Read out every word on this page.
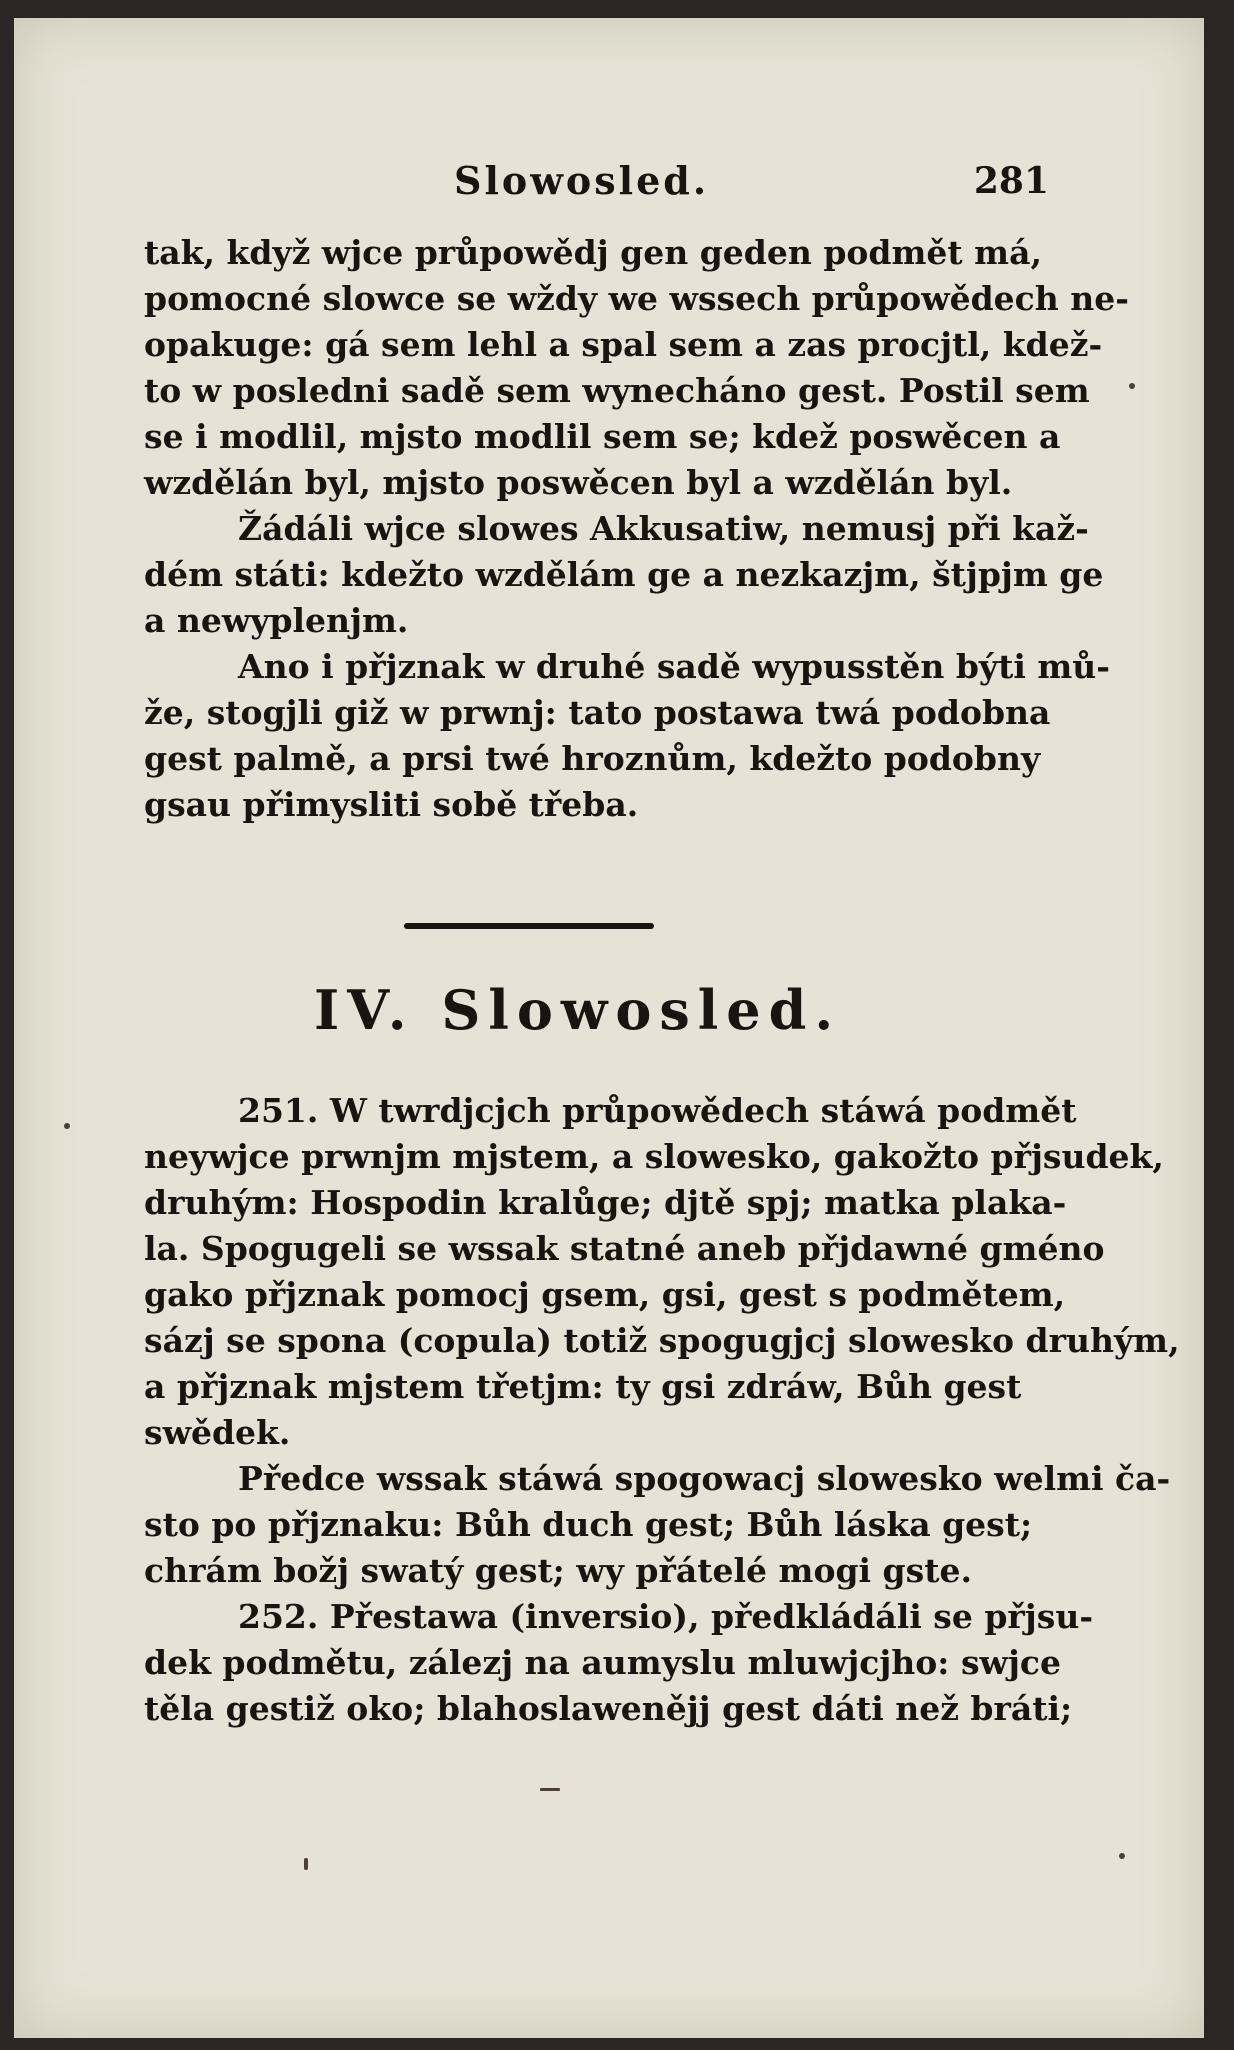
Slowosled.	281
tak, když wjce průpowědj gen geden podmět má,
pomocné slowce se wždy we wssech průpowědech ne-
opakuge: gá sem lehl a spal sem a zas procjtl, kdež-
to w posledni sadě sem wynecháno gest. Postil sem
se i modlil, mjsto modlil sem se; kdež poswěcen a
wzdělán byl, mjsto poswěcen byl a wzdělán byl.
Žádáli wjce slowes Akkusatiw, nemusj při kaž-
dém státi: kdežto wzdělám ge a nezkazjm, štjpjm ge
a newyplenjm.
Ano i přjznak w druhé sadě wypusstěn býti mů-
že, stogjli giž w prwnj: tato postawa twá podobna
gest palmě, a prsi twé hroznům, kdežto podobny
gsau přimysliti sobě třeba.
IV. Slowosled.
251. W twrdjcjch průpowědech stáwá podmět
neywjce prwnjm mjstem, a slowesko, gakožto přjsudek,
druhým: Hospodin kralůge; djtě spj; matka plaka-
la. Spogugeli se wssak statné aneb přjdawné gméno
gako přjznak pomocj gsem, gsi, gest s podmětem,
sázj se spona (copula) totiž spogugjcj slowesko druhým,
a přjznak mjstem třetjm: ty gsi zdráw, Bůh gest
swědek.
Předce wssak stáwá spogowacj slowesko welmi ča-
sto po přjznaku: Bůh duch gest; Bůh láska gest;
chrám božj swatý gest; wy přátelé mogi gste.
252. Přestawa (inversio), předkládáli se přjsu-
dek podmětu, zálezj na aumyslu mluwjcjho: swjce
těla gestiž oko; blahoslawenějj gest dáti než bráti;
